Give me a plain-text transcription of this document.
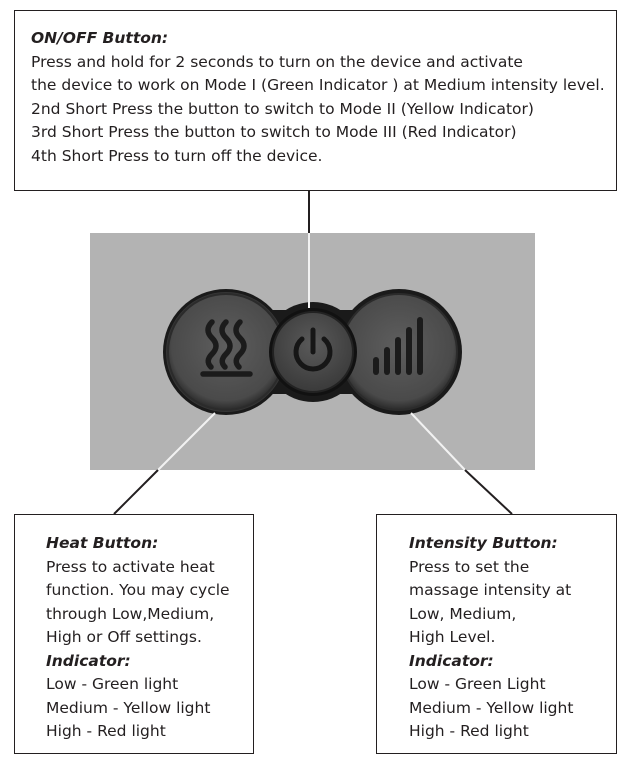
ON/OFF Button:
Press and hold for 2 seconds to turn on the device and activate
the device to work on Mode I (Green Indicator ) at Medium intensity level.
2nd Short Press the button to switch to Mode II (Yellow Indicator)
3rd Short Press the button to switch to Mode III (Red Indicator)
4th Short Press to turn off the device.
Heat Button:
Press to activate heat
function. You may cycle
through Low,Medium,
High or Off settings.
Indicator:
Low - Green light
Medium - Yellow light
High - Red light
Intensity Button:
Press to set the
massage intensity at
Low, Medium,
High Level.
Indicator:
Low - Green Light
Medium - Yellow light
High - Red light
